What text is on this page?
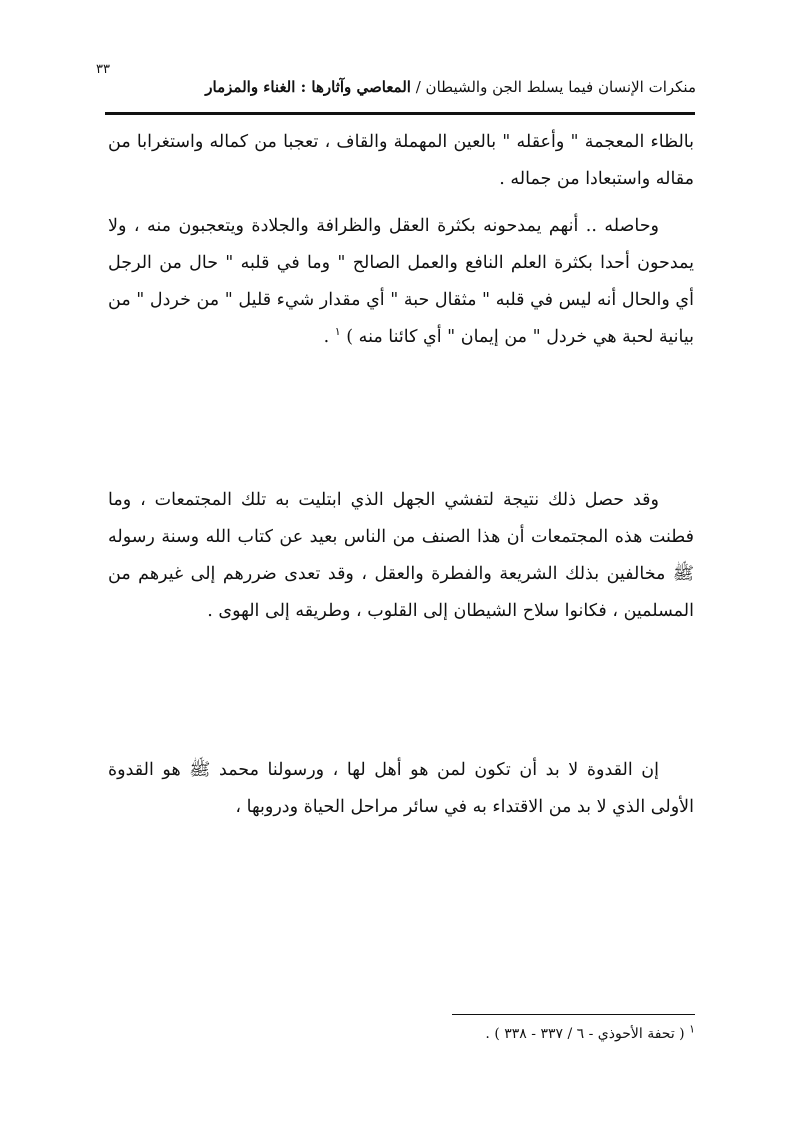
٣٣
منكرات الإنسان فيما يسلط الجن والشيطان / المعاصي وآثارها : الغناء والمزمار

بالظاء المعجمة " وأعقله " بالعين المهملة والقاف ، تعجبا من كماله واستغرابا من مقاله واستبعادا من جماله .

  وحاصله .. أنهم يمدحونه بكثرة العقل والظرافة والجلادة ويتعجبون منه ، ولا يمدحون أحدا بكثرة العلم النافع والعمل الصالح " وما في قلبه " حال من الرجل أي والحال أنه ليس في قلبه " مثقال حبة " أي مقدار شيء قليل " من خردل " من بيانية لحبة هي خردل " من إيمان " أي كائنا منه ) $^١$ .

  وقد حصل ذلك نتيجة لتفشي الجهل الذي ابتليت به تلك المجتمعات ، وما فطنت هذه المجتمعات أن هذا الصنف من الناس بعيد عن كتاب الله وسنة رسوله ﷺ مخالفين بذلك الشريعة والفطرة والعقل ، وقد تعدى ضررهم إلى غيرهم من المسلمين ، فكانوا سلاح الشيطان إلى القلوب ، وطريقه إلى الهوى .

  إن القدوة لا بد أن تكون لمن هو أهل لها ، ورسولنا محمد ﷺ هو القدوة الأولى الذي لا بد من الاقتداء به في سائر مراحل الحياة ودروبها ،

$^١$ ( تحفة الأحوذي - ٦ / ٣٣٧ - ٣٣٨ ) .
